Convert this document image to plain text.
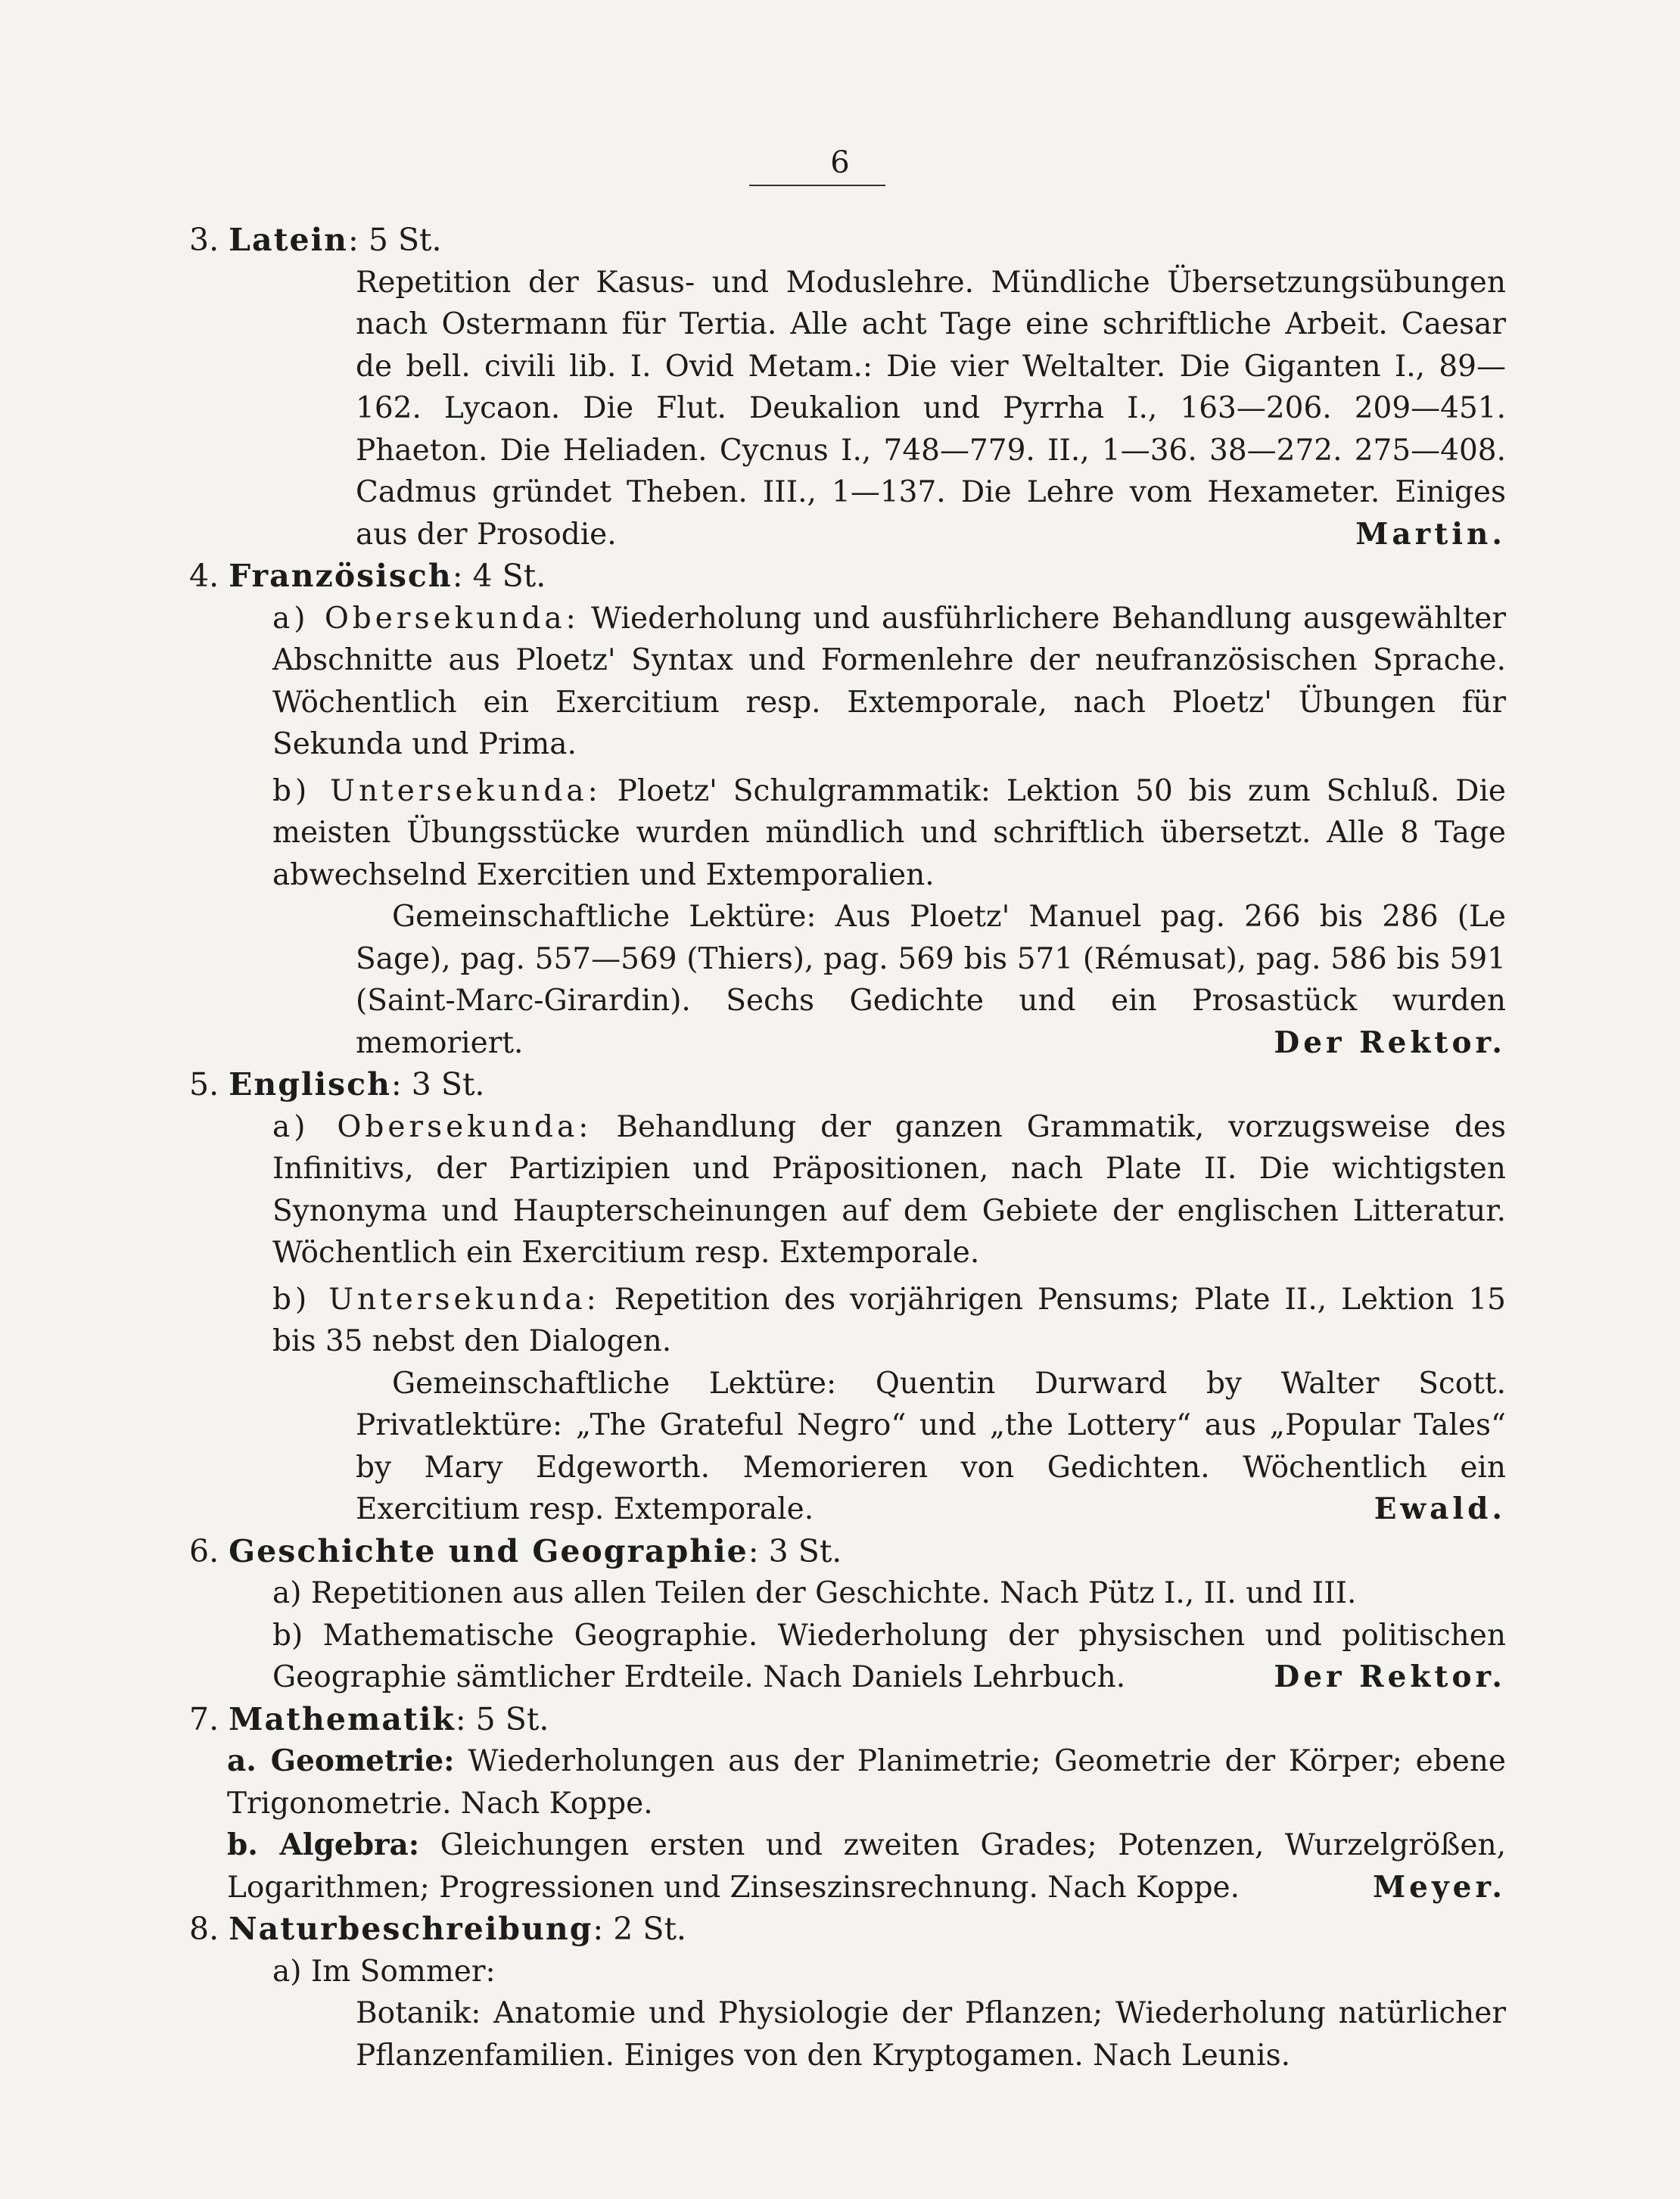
6

3. Latein: 5 St.

Repetition der Kasus- und Moduslehre. Mündliche Übersetzungsübungen nach Ostermann für Tertia. Alle acht Tage eine schriftliche Arbeit. Caesar de bell. civili lib. I. Ovid Metam.: Die vier Weltalter. Die Giganten I., 89—162. Lycaon. Die Flut. Deukalion und Pyrrha I., 163—206. 209—451. Phaeton. Die Heliaden. Cycnus I., 748—779. II., 1—36. 38—272. 275—408. Cadmus gründet Theben. III., 1—137. Die Lehre vom Hexameter. Einiges aus der Prosodie.	Martin.

4. Französisch: 4 St.

a) Obersekunda: Wiederholung und ausführlichere Behandlung ausgewählter Abschnitte aus Ploetz' Syntax und Formenlehre der neufranzösischen Sprache. Wöchentlich ein Exercitium resp. Extemporale, nach Ploetz' Übungen für Sekunda und Prima.

b) Untersekunda: Ploetz' Schulgrammatik: Lektion 50 bis zum Schluß. Die meisten Übungsstücke wurden mündlich und schriftlich übersetzt. Alle 8 Tage abwechselnd Exercitien und Extemporalien.

Gemeinschaftliche Lektüre: Aus Ploetz' Manuel pag. 266 bis 286 (Le Sage), pag. 557—569 (Thiers), pag. 569 bis 571 (Rémusat), pag. 586 bis 591 (Saint-Marc-Girardin). Sechs Gedichte und ein Prosastück wurden memoriert.	Der Rektor.

5. Englisch: 3 St.

a) Obersekunda: Behandlung der ganzen Grammatik, vorzugsweise des Infinitivs, der Partizipien und Präpositionen, nach Plate II. Die wichtigsten Synonyma und Haupterscheinungen auf dem Gebiete der englischen Litteratur. Wöchentlich ein Exercitium resp. Extemporale.

b) Untersekunda: Repetition des vorjährigen Pensums; Plate II., Lektion 15 bis 35 nebst den Dialogen.

Gemeinschaftliche Lektüre: Quentin Durward by Walter Scott. Privatlektüre: „The Grateful Negro“ und „the Lottery“ aus „Popular Tales“ by Mary Edgeworth. Memorieren von Gedichten. Wöchentlich ein Exercitium resp. Extemporale.	Ewald.

6. Geschichte und Geographie: 3 St.

a) Repetitionen aus allen Teilen der Geschichte. Nach Pütz I., II. und III.

b) Mathematische Geographie. Wiederholung der physischen und politischen Geographie sämtlicher Erdteile. Nach Daniels Lehrbuch.	Der Rektor.

7. Mathematik: 5 St.

a. Geometrie: Wiederholungen aus der Planimetrie; Geometrie der Körper; ebene Trigonometrie. Nach Koppe.

b. Algebra: Gleichungen ersten und zweiten Grades; Potenzen, Wurzelgrößen, Logarithmen; Progressionen und Zinseszinsrechnung. Nach Koppe.	Meyer.

8. Naturbeschreibung: 2 St.

a) Im Sommer:

Botanik: Anatomie und Physiologie der Pflanzen; Wiederholung natürlicher Pflanzenfamilien. Einiges von den Kryptogamen. Nach Leunis.
